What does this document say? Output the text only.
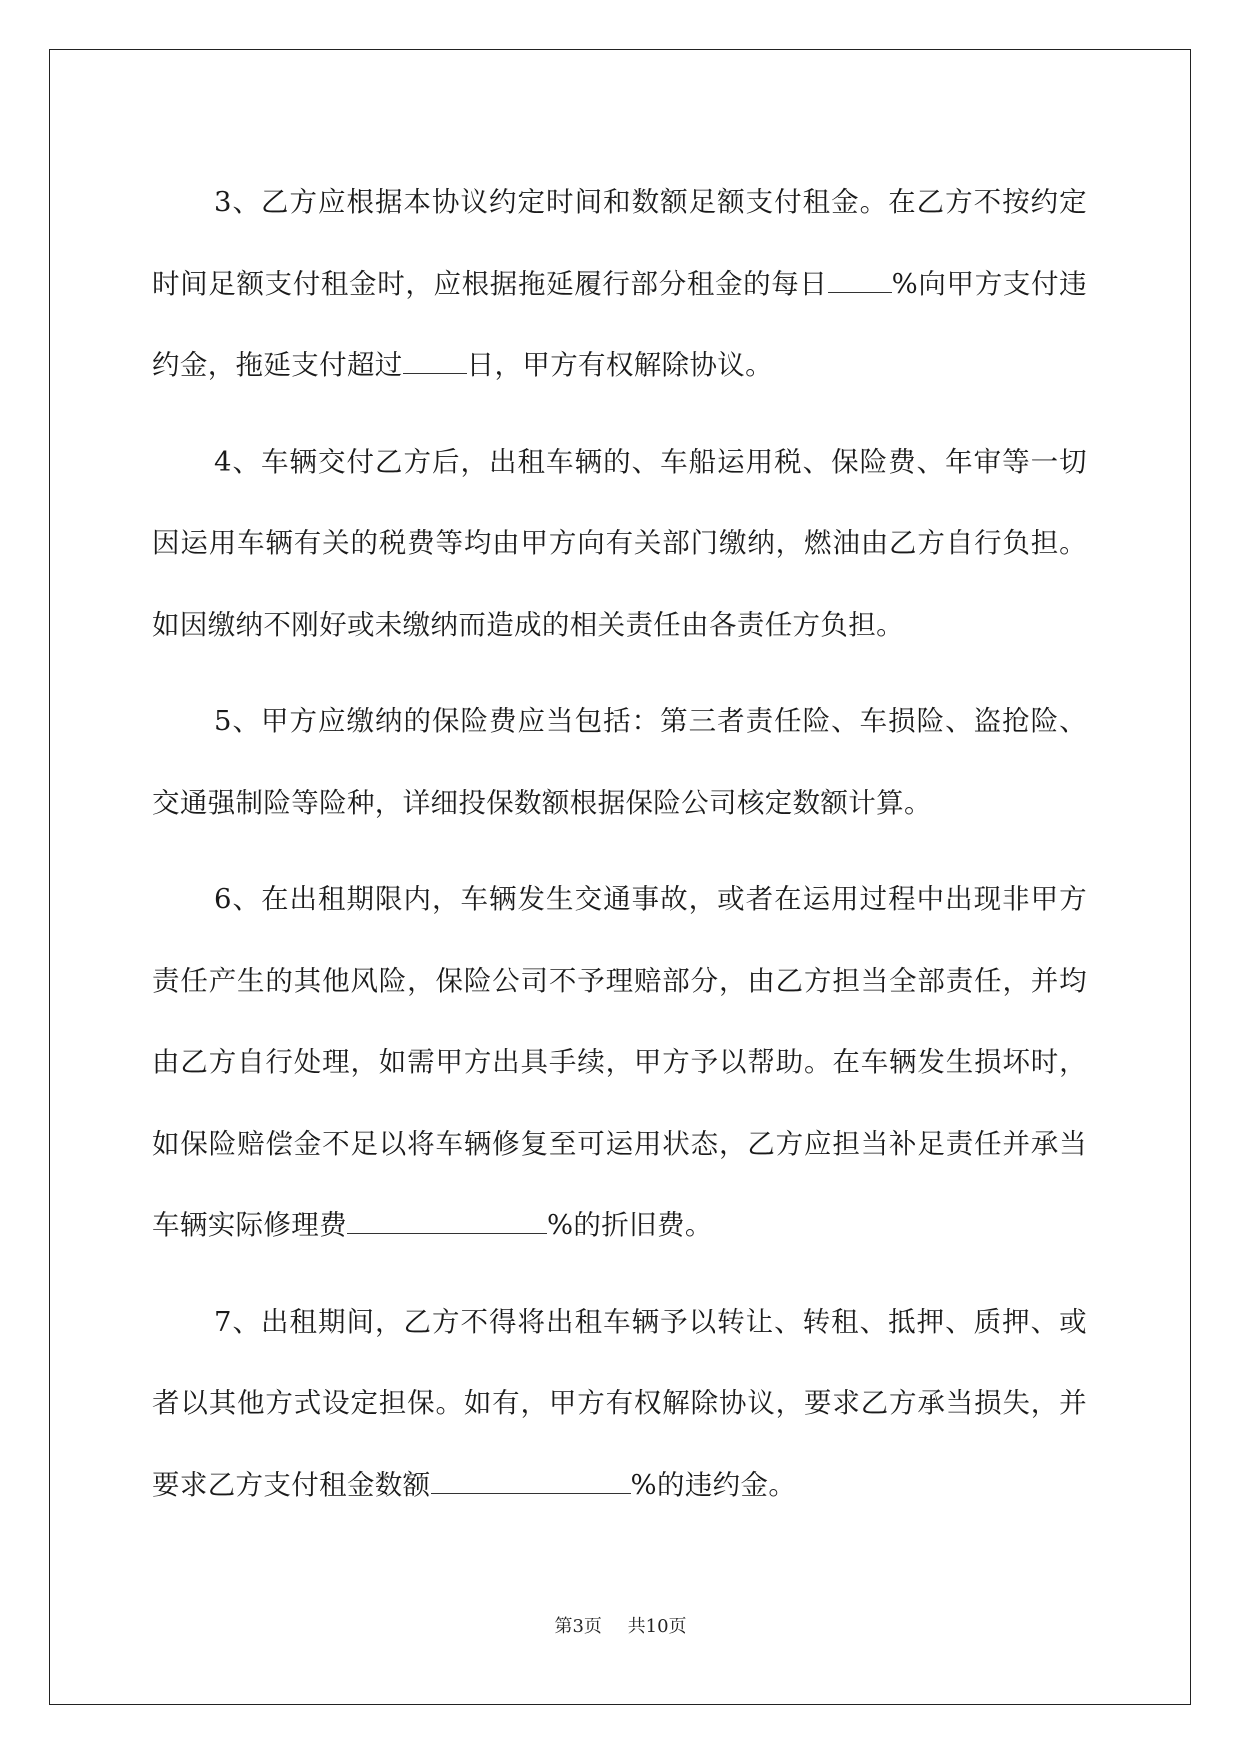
3、乙方应根据本协议约定时间和数额足额支付租金。在乙方不按约定时间足额支付租金时，应根据拖延履行部分租金的每日 %向甲方支付违约金，拖延支付超过 日，甲方有权解除协议。

4、车辆交付乙方后，出租车辆的、车船运用税、保险费、年审等一切因运用车辆有关的税费等均由甲方向有关部门缴纳，燃油由乙方自行负担。如因缴纳不刚好或未缴纳而造成的相关责任由各责任方负担。

5、甲方应缴纳的保险费应当包括：第三者责任险、车损险、盗抢险、交通强制险等险种，详细投保数额根据保险公司核定数额计算。

6、在出租期限内，车辆发生交通事故，或者在运用过程中出现非甲方责任产生的其他风险，保险公司不予理赔部分，由乙方担当全部责任，并均由乙方自行处理，如需甲方出具手续，甲方予以帮助。在车辆发生损坏时，如保险赔偿金不足以将车辆修复至可运用状态，乙方应担当补足责任并承当车辆实际修理费	%的折旧费。

7、出租期间，乙方不得将出租车辆予以转让、转租、抵押、质押、或者以其他方式设定担保。如有，甲方有权解除协议，要求乙方承当损失，并要求乙方支付租金数额	%的违约金。

第3页 共10页
